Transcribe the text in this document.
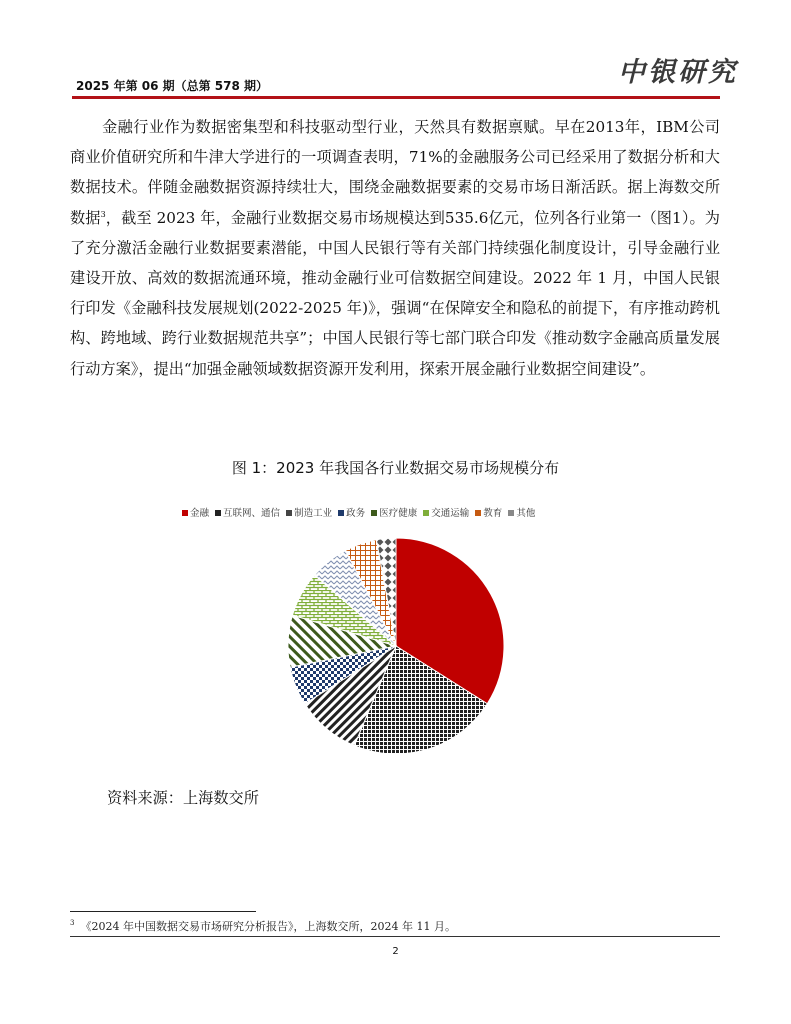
2025 年第 06 期（总第 578 期）	中银研究
金融行业作为数据密集型和科技驱动型行业，天然具有数据禀赋。早在2013年，IBM公司商业价值研究所和牛津大学进行的一项调查表明，71%的金融服务公司已经采用了数据分析和大数据技术。伴随金融数据资源持续壮大，围绕金融数据要素的交易市场日渐活跃。据上海数交所数据$^3$，截至 2023 年，金融行业数据交易市场规模达到535.6亿元，位列各行业第一（图1）。为了充分激活金融行业数据要素潜能，中国人民银行等有关部门持续强化制度设计，引导金融行业建设开放、高效的数据流通环境，推动金融行业可信数据空间建设。2022 年 1 月，中国人民银行印发《金融科技发展规划(2022-2025 年)》，强调“在保障安全和隐私的前提下，有序推动跨机构、跨地域、跨行业数据规范共享”；中国人民银行等七部门联合印发《推动数字金融高质量发展行动方案》，提出“加强金融领域数据资源开发利用，探索开展金融行业数据空间建设”。
图 1：2023 年我国各行业数据交易市场规模分布
金融 互联网、通信 制造工业 政务 医疗健康 交通运输 教育 其他
资料来源：上海数交所
$^3$ 《2024 年中国数据交易市场研究分析报告》，上海数交所，2024 年 11 月。
2
